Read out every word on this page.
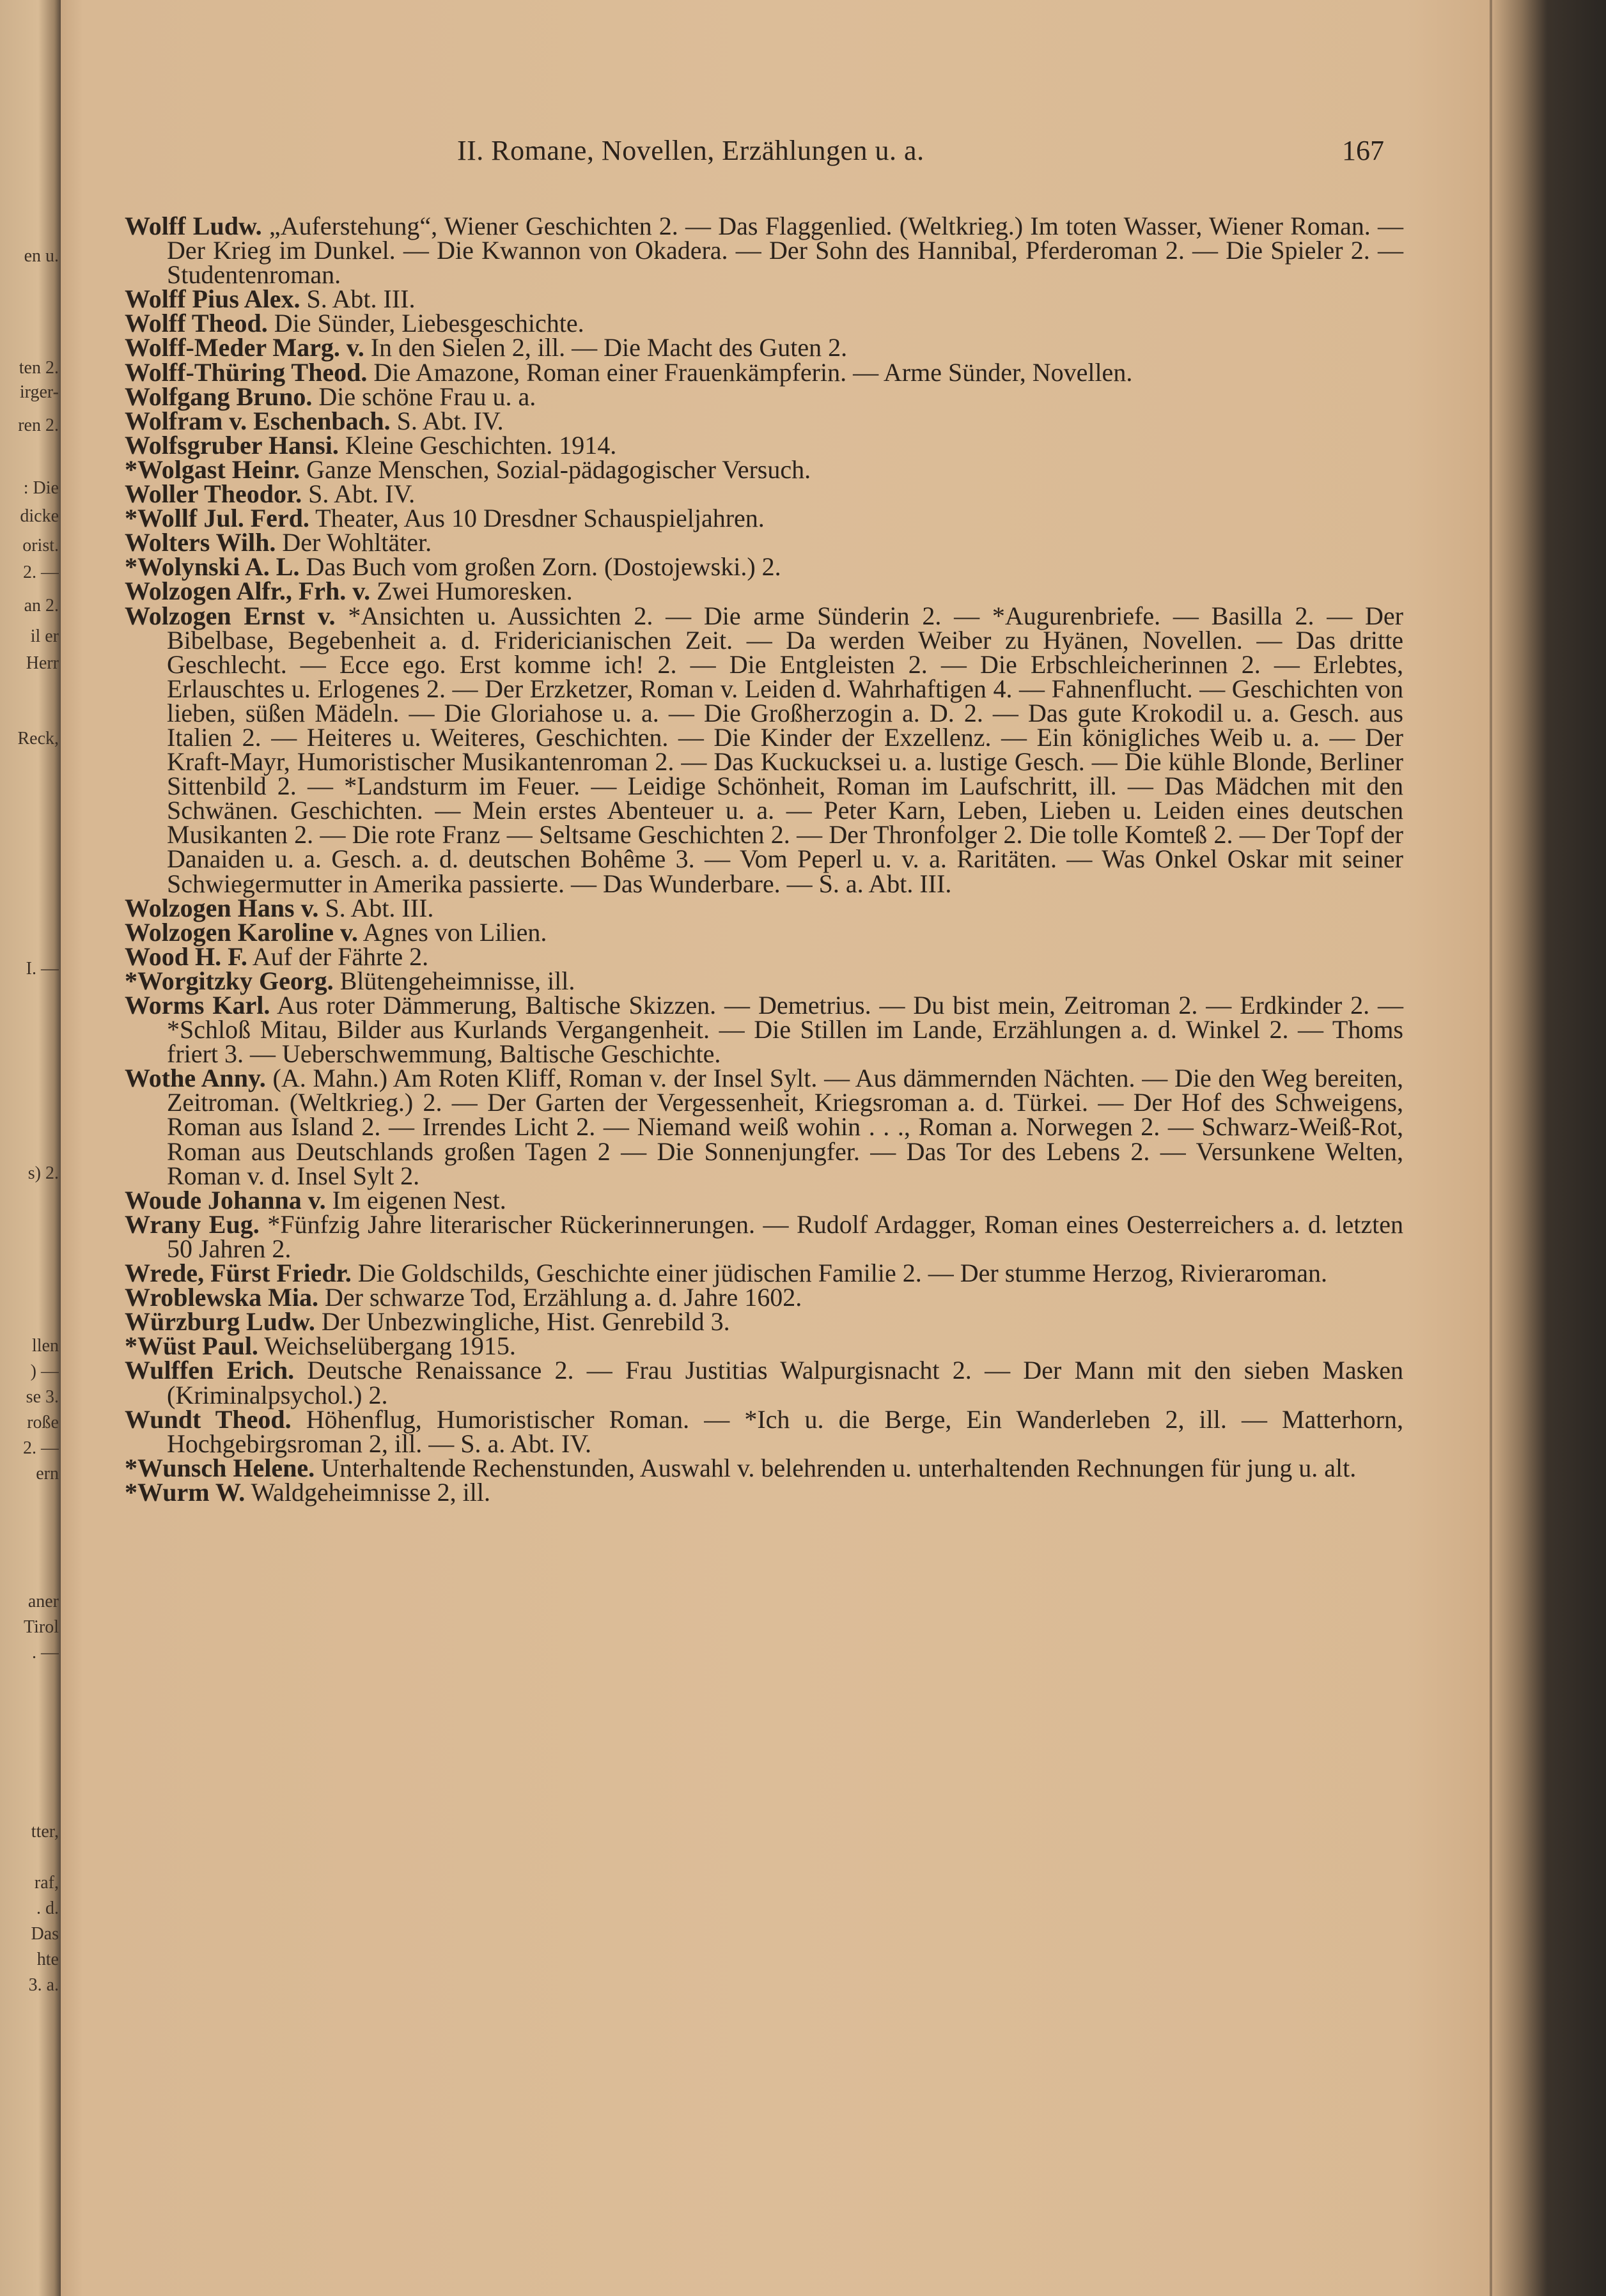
en u.
ten 2.
irger-
ren 2.
: Die
dicke
orist.
2. —
an 2.
il er
Herr
Reck,
I. —
s) 2.
llen
) —
se 3.
roße
2. —
ern
aner
Tirol
. —
tter,
raf,
. d.
Das
hte
3. a.
II. Romane, Novellen, Erzählungen u. a.	167
Wolff Ludw. „Auferstehung“, Wiener Geschichten 2. — Das Flaggenlied. (Weltkrieg.) Im toten Wasser, Wiener Roman. — Der Krieg im Dunkel. — Die Kwannon von Okadera. — Der Sohn des Hannibal, Pferderoman 2. — Die Spieler 2. — Studentenroman.
Wolff Pius Alex. S. Abt. III.
Wolff Theod. Die Sünder, Liebesgeschichte.
Wolff-Meder Marg. v. In den Sielen 2, ill. — Die Macht des Guten 2.
Wolff-Thüring Theod. Die Amazone, Roman einer Frauenkämpferin. — Arme Sünder, Novellen.
Wolfgang Bruno. Die schöne Frau u. a.
Wolfram v. Eschenbach. S. Abt. IV.
Wolfsgruber Hansi. Kleine Geschichten. 1914.
*Wolgast Heinr. Ganze Menschen, Sozial-pädagogischer Versuch.
Woller Theodor. S. Abt. IV.
*Wollf Jul. Ferd. Theater, Aus 10 Dresdner Schauspieljahren.
Wolters Wilh. Der Wohltäter.
*Wolynski A. L. Das Buch vom großen Zorn. (Dostojewski.) 2.
Wolzogen Alfr., Frh. v. Zwei Humoresken.
Wolzogen Ernst v. *Ansichten u. Aussichten 2. — Die arme Sünderin 2. — *Augurenbriefe. — Basilla 2. — Der Bibelbase, Begebenheit a. d. Fridericianischen Zeit. — Da werden Weiber zu Hyänen, Novellen. — Das dritte Geschlecht. — Ecce ego. Erst komme ich! 2. — Die Entgleisten 2. — Die Erbschleicherinnen 2. — Erlebtes, Erlauschtes u. Erlogenes 2. — Der Erzketzer, Roman v. Leiden d. Wahrhaftigen 4. — Fahnenflucht. — Geschichten von lieben, süßen Mädeln. — Die Gloriahose u. a. — Die Großherzogin a. D. 2. — Das gute Krokodil u. a. Gesch. aus Italien 2. — Heiteres u. Weiteres, Geschichten. — Die Kinder der Exzellenz. — Ein königliches Weib u. a. — Der Kraft-Mayr, Humoristischer Musikantenroman 2. — Das Kuckucksei u. a. lustige Gesch. — Die kühle Blonde, Berliner Sittenbild 2. — *Landsturm im Feuer. — Leidige Schönheit, Roman im Laufschritt, ill. — Das Mädchen mit den Schwänen. Geschichten. — Mein erstes Abenteuer u. a. — Peter Karn, Leben, Lieben u. Leiden eines deutschen Musikanten 2. — Die rote Franz — Seltsame Geschichten 2. — Der Thronfolger 2. Die tolle Komteß 2. — Der Topf der Danaiden u. a. Gesch. a. d. deutschen Bohême 3. — Vom Peperl u. v. a. Raritäten. — Was Onkel Oskar mit seiner Schwiegermutter in Amerika passierte. — Das Wunderbare. — S. a. Abt. III.
Wolzogen Hans v. S. Abt. III.
Wolzogen Karoline v. Agnes von Lilien.
Wood H. F. Auf der Fährte 2.
*Worgitzky Georg. Blütengeheimnisse, ill.
Worms Karl. Aus roter Dämmerung, Baltische Skizzen. — Demetrius. — Du bist mein, Zeitroman 2. — Erdkinder 2. — *Schloß Mitau, Bilder aus Kurlands Vergangenheit. — Die Stillen im Lande, Erzählungen a. d. Winkel 2. — Thoms friert 3. — Ueberschwemmung, Baltische Geschichte.
Wothe Anny. (A. Mahn.) Am Roten Kliff, Roman v. der Insel Sylt. — Aus dämmernden Nächten. — Die den Weg bereiten, Zeitroman. (Weltkrieg.) 2. — Der Garten der Vergessenheit, Kriegsroman a. d. Türkei. — Der Hof des Schweigens, Roman aus Island 2. — Irrendes Licht 2. — Niemand weiß wohin . . ., Roman a. Norwegen 2. — Schwarz-Weiß-Rot, Roman aus Deutschlands großen Tagen 2 — Die Sonnenjungfer. — Das Tor des Lebens 2. — Versunkene Welten, Roman v. d. Insel Sylt 2.
Woude Johanna v. Im eigenen Nest.
Wrany Eug. *Fünfzig Jahre literarischer Rückerinnerungen. — Rudolf Ardagger, Roman eines Oesterreichers a. d. letzten 50 Jahren 2.
Wrede, Fürst Friedr. Die Goldschilds, Geschichte einer jüdischen Familie 2. — Der stumme Herzog, Rivieraroman.
Wroblewska Mia. Der schwarze Tod, Erzählung a. d. Jahre 1602.
Würzburg Ludw. Der Unbezwingliche, Hist. Genrebild 3.
*Wüst Paul. Weichselübergang 1915.
Wulffen Erich. Deutsche Renaissance 2. — Frau Justitias Walpurgisnacht 2. — Der Mann mit den sieben Masken (Kriminalpsychol.) 2.
Wundt Theod. Höhenflug, Humoristischer Roman. — *Ich u. die Berge, Ein Wanderleben 2, ill. — Matterhorn, Hochgebirgsroman 2, ill. — S. a. Abt. IV.
*Wunsch Helene. Unterhaltende Rechenstunden, Auswahl v. belehrenden u. unterhaltenden Rechnungen für jung u. alt.
*Wurm W. Waldgeheimnisse 2, ill.
